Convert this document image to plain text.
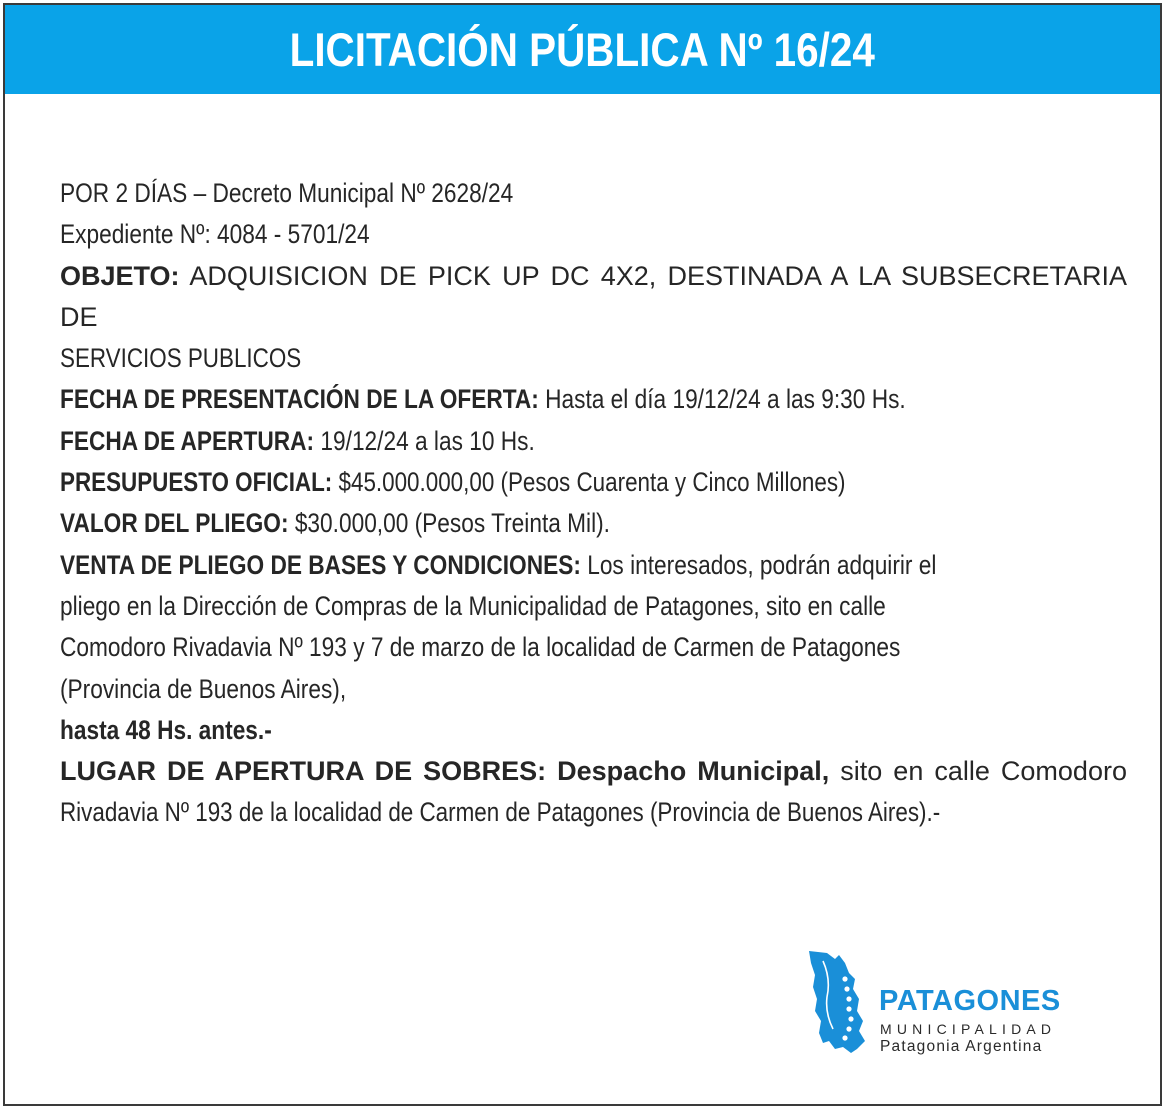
LICITACIÓN PÚBLICA Nº 16/24
POR 2 DÍAS – Decreto Municipal Nº 2628/24
Expediente Nº: 4084 - 5701/24
OBJETO: ADQUISICION DE PICK UP DC 4X2, DESTINADA A LA SUBSECRETARIA DE
SERVICIOS PUBLICOS
FECHA DE PRESENTACIÓN DE LA OFERTA: Hasta el día 19/12/24 a las 9:30 Hs.
FECHA DE APERTURA: 19/12/24 a las 10 Hs.
PRESUPUESTO OFICIAL: $45.000.000,00 (Pesos Cuarenta y Cinco Millones)
VALOR DEL PLIEGO: $30.000,00 (Pesos Treinta Mil).
VENTA DE PLIEGO DE BASES Y CONDICIONES: Los interesados, podrán adquirir el
pliego en la Dirección de Compras de la Municipalidad de Patagones, sito en calle
Comodoro Rivadavia Nº 193 y 7 de marzo de la localidad de Carmen de Patagones
(Provincia de Buenos Aires),
hasta 48 Hs. antes.-
LUGAR DE APERTURA DE SOBRES: Despacho Municipal, sito en calle Comodoro
Rivadavia Nº 193 de la localidad de Carmen de Patagones (Provincia de Buenos Aires).-
PATAGONES
MUNICIPALIDAD
Patagonia Argentina
